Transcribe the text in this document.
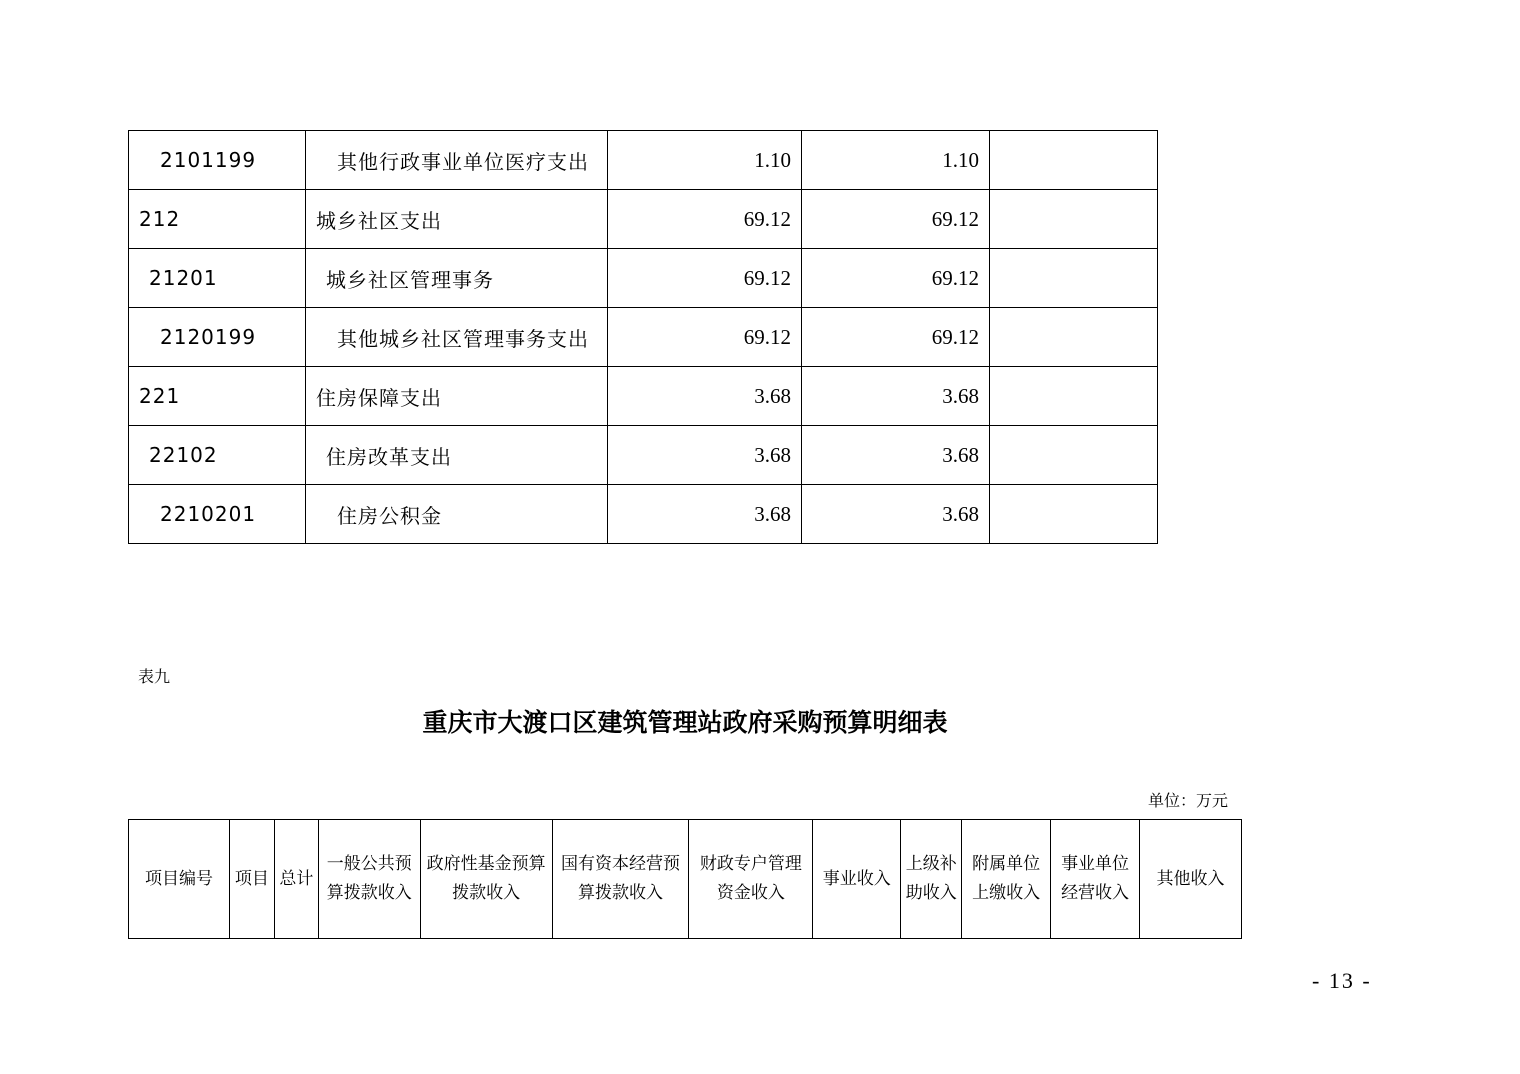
2101199	其他行政事业单位医疗支出	1.10	1.10	
212	城乡社区支出	69.12	69.12	
21201	城乡社区管理事务	69.12	69.12	
2120199	其他城乡社区管理事务支出	69.12	69.12	
221	住房保障支出	3.68	3.68	
22102	住房改革支出	3.68	3.68	
2210201	住房公积金	3.68	3.68	
表九
重庆市大渡口区建筑管理站政府采购预算明细表
单位：万元
项目编号	项目	总计	一般公共预算拨款收入	政府性基金预算拨款收入	国有资本经营预算拨款收入	财政专户管理资金收入	事业收入	上级补助收入	附属单位上缴收入	事业单位经营收入	其他收入
- 13 -
